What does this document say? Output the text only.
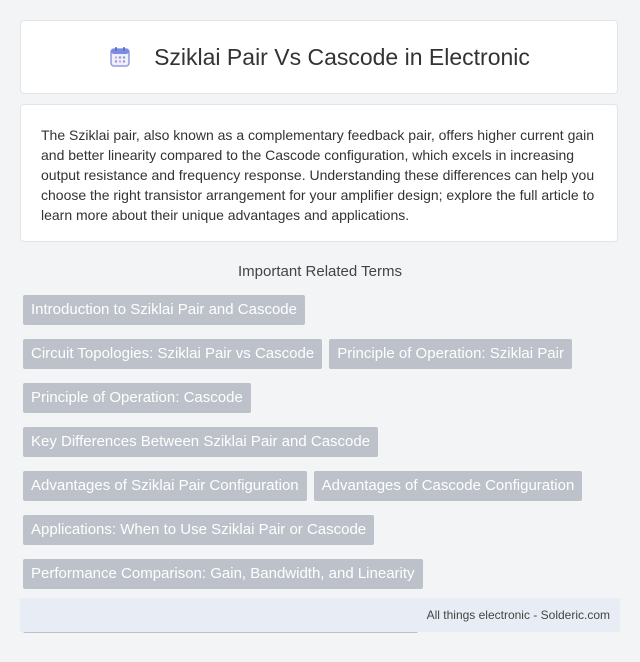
Sziklai Pair Vs Cascode in Electronic

The Sziklai pair, also known as a complementary feedback pair, offers higher current gain and better linearity compared to the Cascode configuration, which excels in increasing output resistance and frequency response. Understanding these differences can help you choose the right transistor arrangement for your amplifier design; explore the full article to learn more about their unique advantages and applications.

Important Related Terms
Introduction to Sziklai Pair and Cascode
Circuit Topologies: Sziklai Pair vs Cascode	Principle of Operation: Sziklai Pair
Principle of Operation: Cascode
Key Differences Between Sziklai Pair and Cascode
Advantages of Sziklai Pair Configuration	Advantages of Cascode Configuration
Applications: When to Use Sziklai Pair or Cascode
Performance Comparison: Gain, Bandwidth, and Linearity
All things electronic - Solderic.com
